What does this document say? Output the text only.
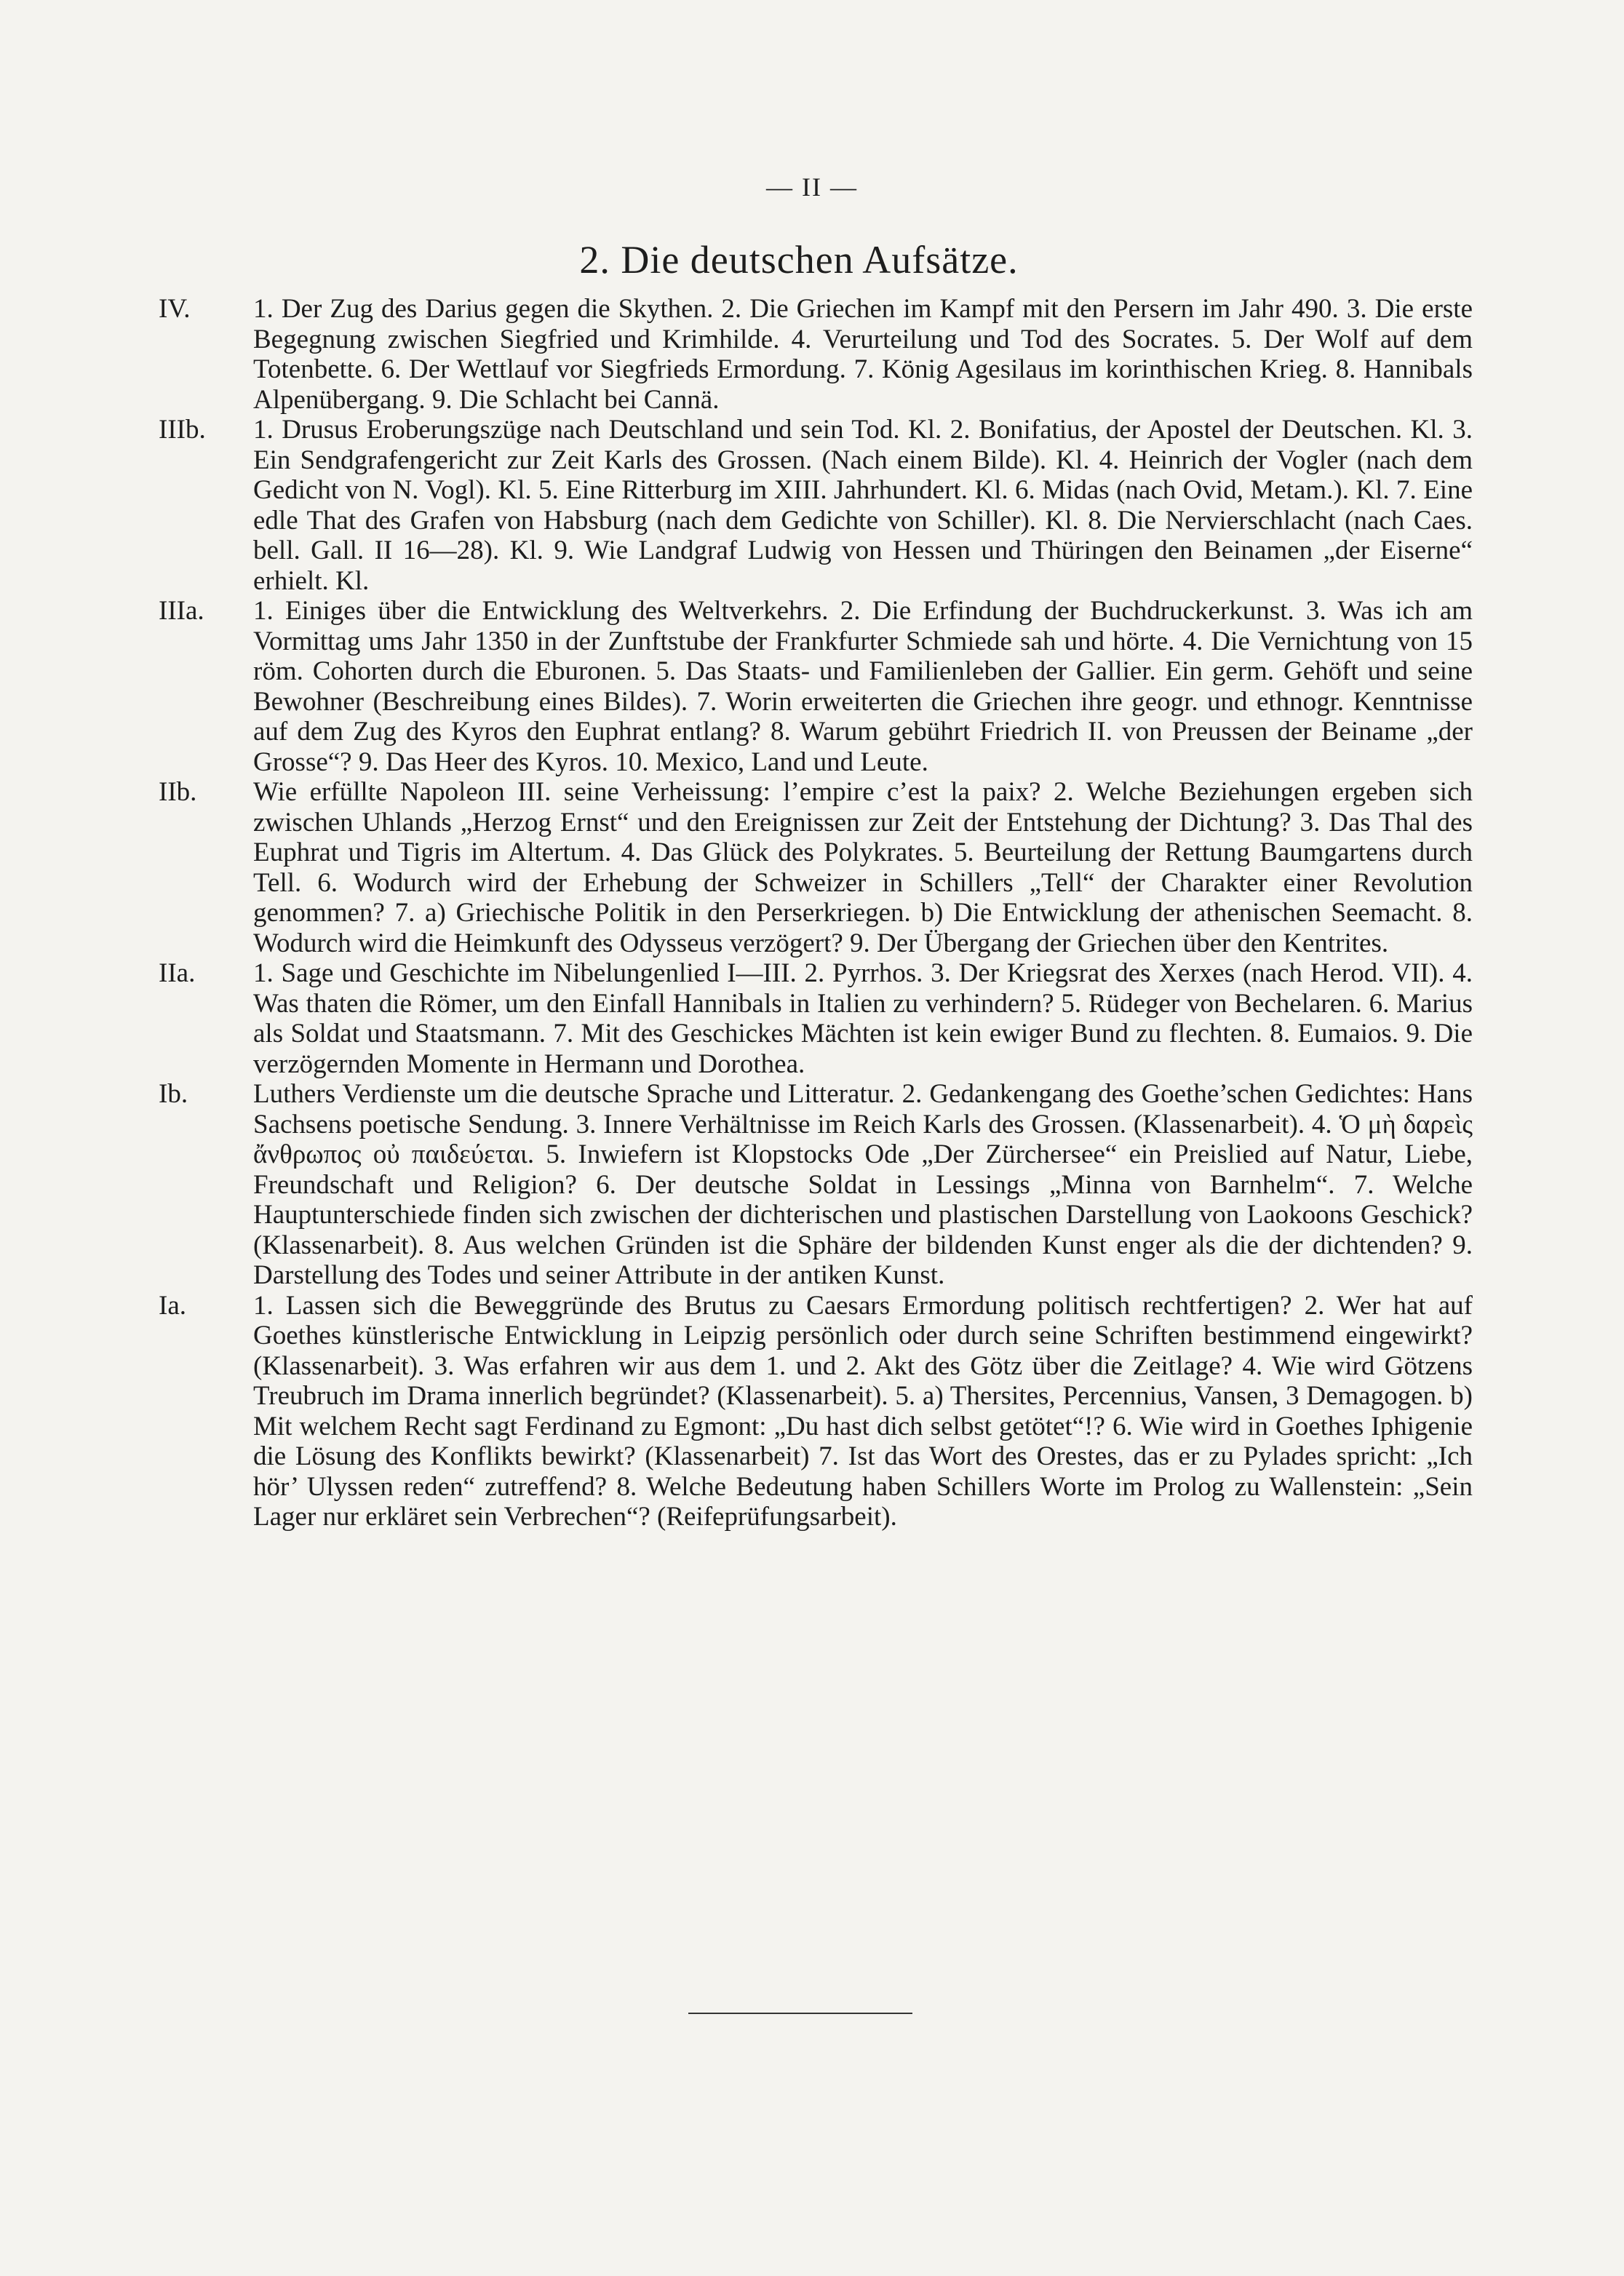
— II —
2. Die deutschen Aufsätze.
IV.	1. Der Zug des Darius gegen die Skythen. 2. Die Griechen im Kampf mit den Persern im Jahr 490. 3. Die erste Begegnung zwischen Siegfried und Krimhilde. 4. Verurteilung und Tod des Socrates. 5. Der Wolf auf dem Totenbette. 6. Der Wettlauf vor Siegfrieds Ermordung. 7. König Agesilaus im korinthischen Krieg. 8. Hannibals Alpenübergang. 9. Die Schlacht bei Cannä.
IIIb.	1. Drusus Eroberungszüge nach Deutschland und sein Tod. Kl. 2. Bonifatius, der Apostel der Deutschen. Kl. 3. Ein Sendgrafengericht zur Zeit Karls des Grossen. (Nach einem Bilde). Kl. 4. Heinrich der Vogler (nach dem Gedicht von N. Vogl). Kl. 5. Eine Ritterburg im XIII. Jahrhundert. Kl. 6. Midas (nach Ovid, Metam.). Kl. 7. Eine edle That des Grafen von Habsburg (nach dem Gedichte von Schiller). Kl. 8. Die Nervierschlacht (nach Caes. bell. Gall. II 16—28). Kl. 9. Wie Landgraf Ludwig von Hessen und Thüringen den Beinamen „der Eiserne“ erhielt. Kl.
IIIa.	1. Einiges über die Entwicklung des Weltverkehrs. 2. Die Erfindung der Buchdruckerkunst. 3. Was ich am Vormittag ums Jahr 1350 in der Zunftstube der Frankfurter Schmiede sah und hörte. 4. Die Vernichtung von 15 röm. Cohorten durch die Eburonen. 5. Das Staats- und Familienleben der Gallier. Ein germ. Gehöft und seine Bewohner (Beschreibung eines Bildes). 7. Worin erweiterten die Griechen ihre geogr. und ethnogr. Kenntnisse auf dem Zug des Kyros den Euphrat entlang? 8. Warum gebührt Friedrich II. von Preussen der Beiname „der Grosse“? 9. Das Heer des Kyros. 10. Mexico, Land und Leute.
IIb.	Wie erfüllte Napoleon III. seine Verheissung: l’empire c’est la paix? 2. Welche Beziehungen ergeben sich zwischen Uhlands „Herzog Ernst“ und den Ereignissen zur Zeit der Entstehung der Dichtung? 3. Das Thal des Euphrat und Tigris im Altertum. 4. Das Glück des Polykrates. 5. Beurteilung der Rettung Baumgartens durch Tell. 6. Wodurch wird der Erhebung der Schweizer in Schillers „Tell“ der Charakter einer Revolution genommen? 7. a) Griechische Politik in den Perserkriegen. b) Die Entwicklung der athenischen Seemacht. 8. Wodurch wird die Heimkunft des Odysseus verzögert? 9. Der Übergang der Griechen über den Kentrites.
IIa.	1. Sage und Geschichte im Nibelungenlied I—III. 2. Pyrrhos. 3. Der Kriegsrat des Xerxes (nach Herod. VII). 4. Was thaten die Römer, um den Einfall Hannibals in Italien zu verhindern? 5. Rüdeger von Bechelaren. 6. Marius als Soldat und Staatsmann. 7. Mit des Geschickes Mächten ist kein ewiger Bund zu flechten. 8. Eumaios. 9. Die verzögernden Momente in Hermann und Dorothea.
Ib.	Luthers Verdienste um die deutsche Sprache und Litteratur. 2. Gedankengang des Goethe’schen Gedichtes: Hans Sachsens poetische Sendung. 3. Innere Verhältnisse im Reich Karls des Grossen. (Klassenarbeit). 4. Ὁ μὴ δαρεὶς ἄνθρωπος οὐ παιδεύεται. 5. Inwiefern ist Klopstocks Ode „Der Zürchersee“ ein Preislied auf Natur, Liebe, Freundschaft und Religion? 6. Der deutsche Soldat in Lessings „Minna von Barnhelm“. 7. Welche Hauptunterschiede finden sich zwischen der dichterischen und plastischen Darstellung von Laokoons Geschick? (Klassenarbeit). 8. Aus welchen Gründen ist die Sphäre der bildenden Kunst enger als die der dichtenden? 9. Darstellung des Todes und seiner Attribute in der antiken Kunst.
Ia.	1. Lassen sich die Beweggründe des Brutus zu Caesars Ermordung politisch rechtfertigen? 2. Wer hat auf Goethes künstlerische Entwicklung in Leipzig persönlich oder durch seine Schriften bestimmend eingewirkt? (Klassenarbeit). 3. Was erfahren wir aus dem 1. und 2. Akt des Götz über die Zeitlage? 4. Wie wird Götzens Treubruch im Drama innerlich begründet? (Klassenarbeit). 5. a) Thersites, Percennius, Vansen, 3 Demagogen. b) Mit welchem Recht sagt Ferdinand zu Egmont: „Du hast dich selbst getötet“!? 6. Wie wird in Goethes Iphigenie die Lösung des Konflikts bewirkt? (Klassenarbeit) 7. Ist das Wort des Orestes, das er zu Pylades spricht: „Ich hör’ Ulyssen reden“ zutreffend? 8. Welche Bedeutung haben Schillers Worte im Prolog zu Wallenstein: „Sein Lager nur erkläret sein Verbrechen“? (Reifeprüfungsarbeit).
